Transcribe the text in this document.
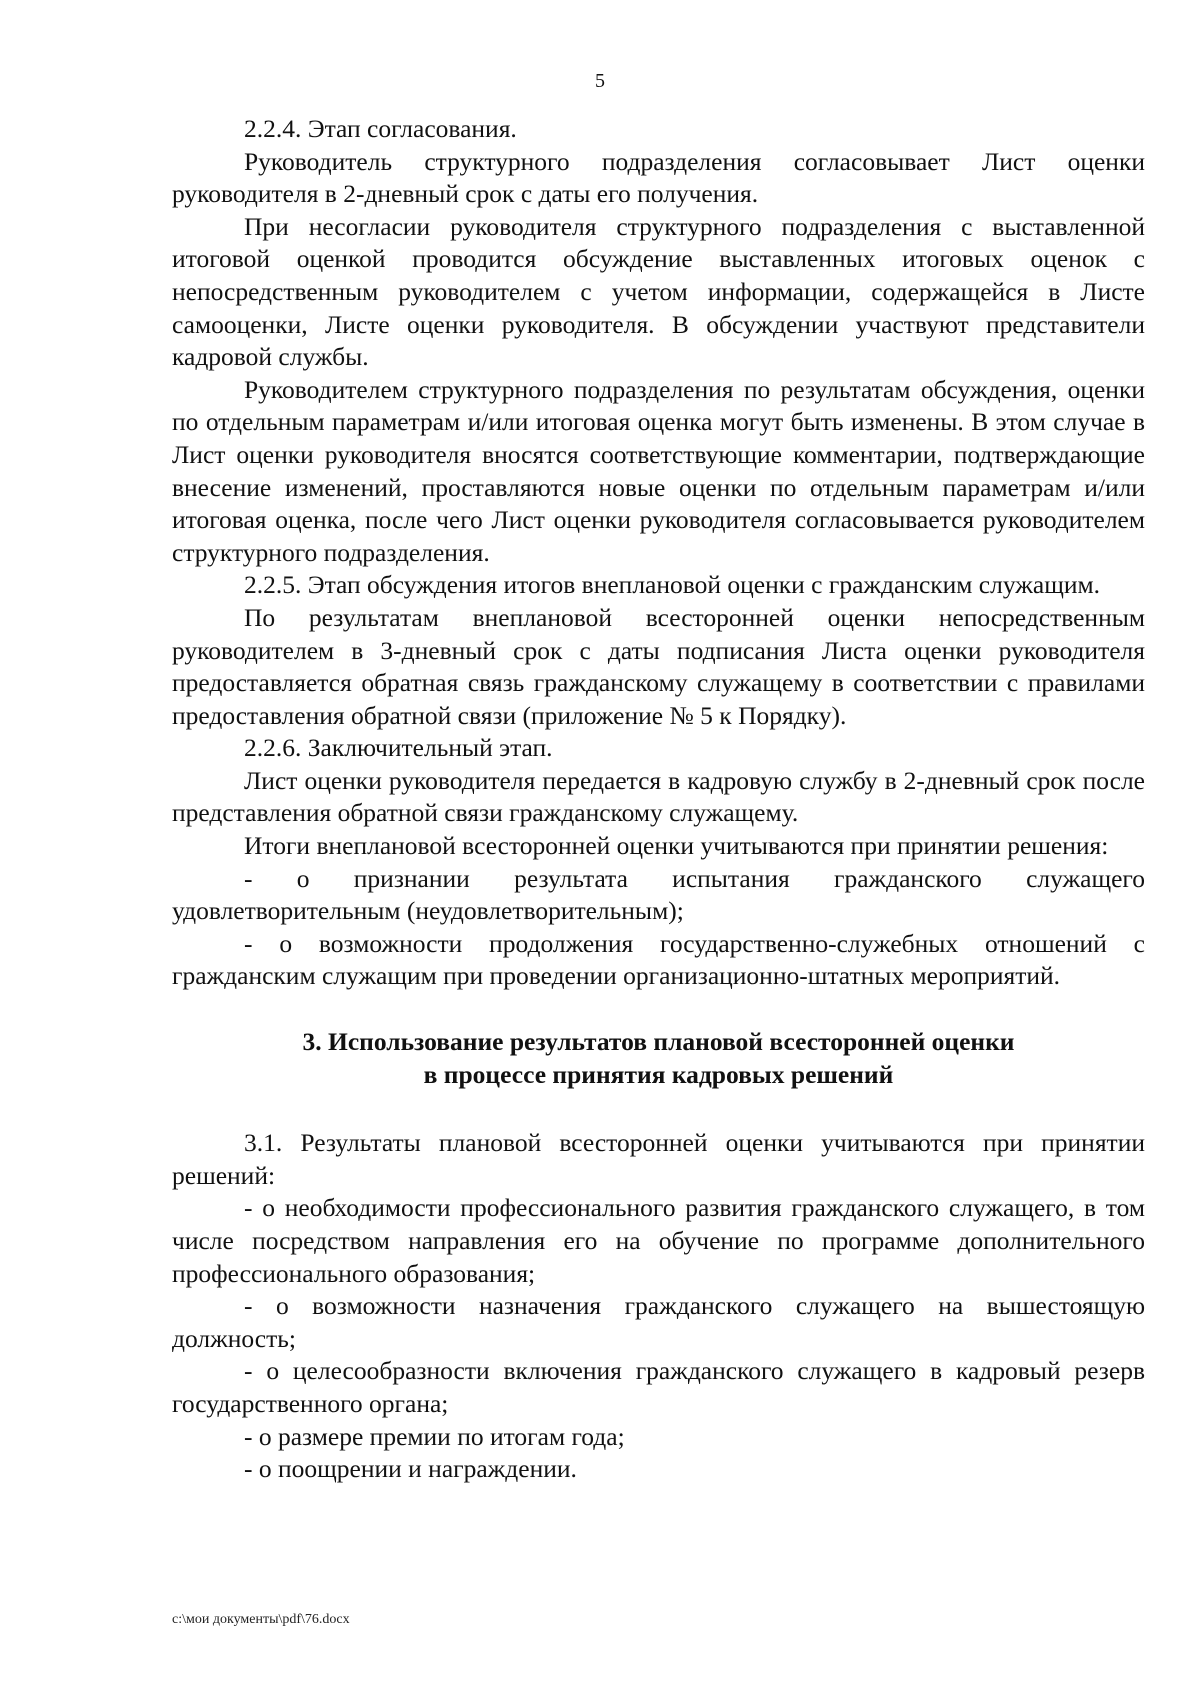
5

2.2.4. Этап согласования.

Руководитель структурного подразделения согласовывает Лист оценки руководителя в 2-дневный срок с даты его получения.

При несогласии руководителя структурного подразделения с выставленной итоговой оценкой проводится обсуждение выставленных итоговых оценок с непосредственным руководителем с учетом информации, содержащейся в Листе самооценки, Листе оценки руководителя. В обсуждении участвуют представители кадровой службы.

Руководителем структурного подразделения по результатам обсуждения, оценки по отдельным параметрам и/или итоговая оценка могут быть изменены. В этом случае в Лист оценки руководителя вносятся соответствующие комментарии, подтверждающие внесение изменений, проставляются новые оценки по отдельным параметрам и/или итоговая оценка, после чего Лист оценки руководителя согласовывается руководителем структурного подразделения.

2.2.5. Этап обсуждения итогов внеплановой оценки с гражданским служащим.

По результатам внеплановой всесторонней оценки непосредственным руководителем в 3-дневный срок с даты подписания Листа оценки руководителя предоставляется обратная связь гражданскому служащему в соответствии с правилами предоставления обратной связи (приложение № 5 к Порядку).

2.2.6. Заключительный этап.

Лист оценки руководителя передается в кадровую службу в 2-дневный срок после представления обратной связи гражданскому служащему.

Итоги внеплановой всесторонней оценки учитываются при принятии решения:

- о признании результата испытания гражданского служащего удовлетворительным (неудовлетворительным);

- о возможности продолжения государственно-служебных отношений с гражданским служащим при проведении организационно-штатных мероприятий.

3. Использование результатов плановой всесторонней оценки
в процессе принятия кадровых решений

3.1. Результаты плановой всесторонней оценки учитываются при принятии решений:

- о необходимости профессионального развития гражданского служащего, в том числе посредством направления его на обучение по программе дополнительного профессионального образования;

- о возможности назначения гражданского служащего на вышестоящую должность;

- о целесообразности включения гражданского служащего в кадровый резерв государственного органа;

- о размере премии по итогам года;

- о поощрении и награждении.

c:\мои документы\pdf\76.docx
